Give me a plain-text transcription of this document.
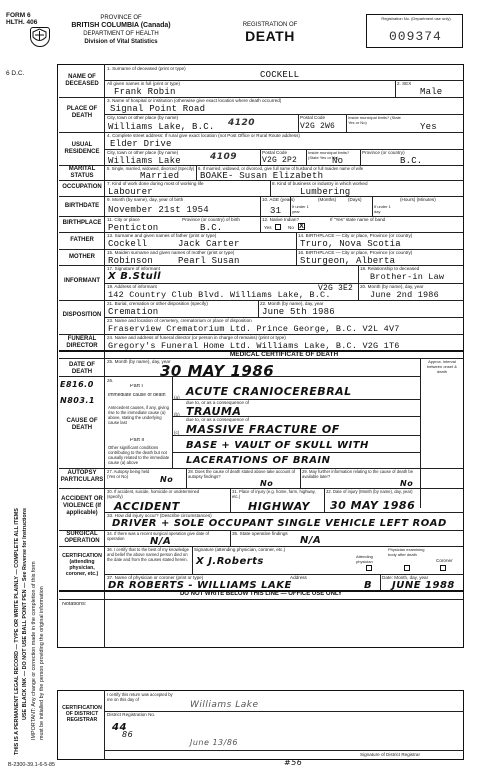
FORM 6
HLTH. 406
PROVINCE OF
BRITISH COLUMBIA (Canada)
DEPARTMENT OF HEALTH
Division of Vital Statistics
REGISTRATION OF
DEATH
Registration No. (Department use only)
009374
6 D.C.
THIS IS A PERMANENT LEGAL RECORD — TYPE OR WRITE PLAINLY — COMPLETE ALL ITEMS USE BLACK INK — DO NOT USE BALL POINT PEN — See Reverse for Instructions IMPORTANT: Any change or correction made in the completion of this form must be initialled by the person providing the original information
NAME OF DECEASED
1. Surname of deceased (print or type)
COCKELL
All given names in full (print or type)
Frank Robin
2. SEX
Male
PLACE OF DEATH
3. Name of hospital or institution (otherwise give exact location where death occurred)
Signal Point Road
City, town or other place (by name)
Williams Lake, B.C. 4120
Postal Code
V2G 2W6
Inside municipal limits? (State Yes or No)	Yes
USUAL RESIDENCE
4. Complete street address: If rural give exact location (not Post Office or Rural Route address)
Elder Drive
City, town or other place (by name)
Williams Lake	4109	Postal Code
V2G 2P2
Inside municipal limits? (State Yes or No)
No
Province (or country)
B.C.
MARITAL STATUS
5. Single, married, widowed, divorced (Specify)
Married
6. If married, widowed, or divorced, give full name of husband or full maiden name of wife
BOAKE- Susan Elizabeth
OCCUPATION
7. Kind of work done during most of working life
Labourer
8. Kind of business or industry in which worked
Lumbering
BIRTHDATE
9. Month (by name), day, year of birth
November 21st 1954
10. AGE (years)
31	If under 1 year
(Months)	(Days)
If under 1 day
(Hours) (Minutes)
BIRTHPLACE
11. City or place
Penticton
Province (or country) of birth
B.C.
12. Native Indian?
Yes	No X
If "Yes" state name of band
FATHER
13. Surname and given names of father (print or type)
Cockell	Jack Carter
14. BIRTHPLACE — City or place, Province (or country)
Truro, Nova Scotia
MOTHER
15. Maiden surname and given names of mother (print or type)
Robinson	Pearl Susan
16. BIRTHPLACE — City or place, Province (or country)
Sturgeon, Alberta
INFORMANT
17. Signature of informant
X B.Stull
18. Relationship to deceased
Brother-in Law
19. Address of informant
142 Country Club Blvd. Williams Lake, B.C.
V2G 3E2 20. Month (by name), day, year
June 2nd 1986
DISPOSITION
21. Burial, cremation or other disposition (specify)
Cremation
22. Month (by name), day, year
June 5th 1986
23. Name and location of cemetery, crematorium or place of disposition
Fraserview Crematorium Ltd. Prince George, B.C. V2L 4V7
FUNERAL DIRECTOR
24. Name and address of funeral director (or person in charge of remains) (print or type)
Gregory's Funeral Home Ltd. Williams Lake, B.C. V2G 1T6
MEDICAL CERTIFICATE OF DEATH
DATE OF DEATH
25. Month (by name), day, year
30 MAY 1986
Approx. interval between onset & death
CAUSE OF DEATH
E816.0
N803.1
26.
Part I
Immediate cause of death (a) ACUTE CRANIOCEREBRAL
due to, or as a consequence of
Antecedent causes, if any, giving rise to the immediate cause (a) above, stating the underlying cause last
(b) TRAUMA
due to, or as a consequence of
(c) MASSIVE FRACTURE OF
Part II
Other significant conditions contributing to the death but not causally related to the immediate cause (a) above
BASE + VAULT OF SKULL WITH
LACERATIONS OF BRAIN
AUTOPSY PARTICULARS
27. Autopsy being held (Yes or No)	No
28. Does the cause of death stated above take account of autopsy findings?
No
29. May further information relating to the cause of death be available later?
No
ACCIDENT OR VIOLENCE (If applicable)
30. If accident, suicide, homicide or undetermined (specify)
ACCIDENT
31. Place of injury (e.g. home, farm, highway, etc.)
HIGHWAY
32. Date of injury (Month (by name), day, year)
30 MAY 1986
33. How did injury occur? (Describe circumstances)
DRIVER + SOLE OCCUPANT SINGLE VEHICLE LEFT ROAD
SURGICAL OPERATION
34. If there was a recent surgical operation give date of operation	N/A
35. State operative findings
N/A
CERTIFICATION (attending physician, coroner, etc.)
36. I certify that to the best of my knowledge and belief the above named person died on the date and from the causes stated herein.
Signature (attending physician, coroner, etc.)
X J.Roberts	Attending physician
Physician examining body after death
Coroner
37. Name of physician or coroner (print or type)
DR ROBERTS - WILLIAMS LAKE
Address
B
Date: Month, day, year
JUNE 1988
DO NOT WRITE BELOW THIS LINE — OFFICE USE ONLY
Notations:
CERTIFICATION OF DISTRICT REGISTRAR
I certify this return was accepted by me on this day of
Williams Lake
District Registration No.
44
86
June 13/86
Signature of District Registrar
B-2300-39.1-6-5-85	#56
